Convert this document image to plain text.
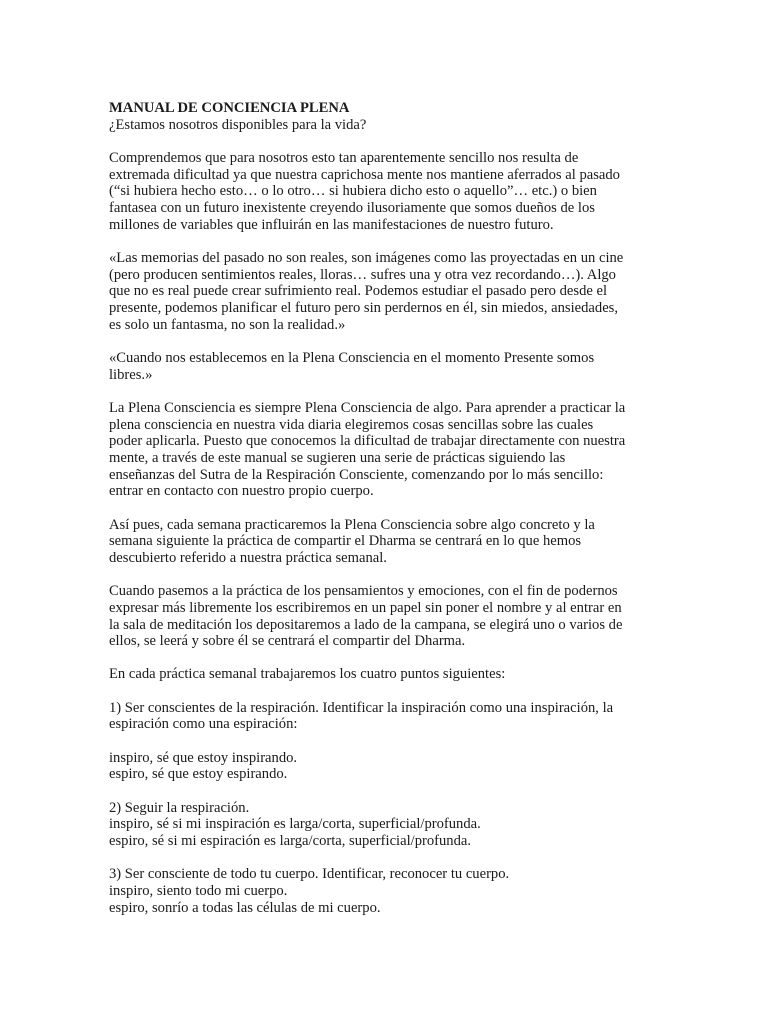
MANUAL DE CONCIENCIA PLENA
¿Estamos nosotros disponibles para la vida?
Comprendemos que para nosotros esto tan aparentemente sencillo nos resulta de
extremada dificultad ya que nuestra caprichosa mente nos mantiene aferrados al pasado
(“si hubiera hecho esto… o lo otro… si hubiera dicho esto o aquello”… etc.) o bien
fantasea con un futuro inexistente creyendo ilusoriamente que somos dueños de los
millones de variables que influirán en las manifestaciones de nuestro futuro.
«Las memorias del pasado no son reales, son imágenes como las proyectadas en un cine
(pero producen sentimientos reales, lloras… sufres una y otra vez recordando…). Algo
que no es real puede crear sufrimiento real. Podemos estudiar el pasado pero desde el
presente, podemos planificar el futuro pero sin perdernos en él, sin miedos, ansiedades,
es solo un fantasma, no son la realidad.»
«Cuando nos establecemos en la Plena Consciencia en el momento Presente somos
libres.»
La Plena Consciencia es siempre Plena Consciencia de algo. Para aprender a practicar la
plena consciencia en nuestra vida diaria elegiremos cosas sencillas sobre las cuales
poder aplicarla. Puesto que conocemos la dificultad de trabajar directamente con nuestra
mente, a través de este manual se sugieren una serie de prácticas siguiendo las
enseñanzas del Sutra de la Respiración Consciente, comenzando por lo más sencillo:
entrar en contacto con nuestro propio cuerpo.
Así pues, cada semana practicaremos la Plena Consciencia sobre algo concreto y la
semana siguiente la práctica de compartir el Dharma se centrará en lo que hemos
descubierto referido a nuestra práctica semanal.
Cuando pasemos a la práctica de los pensamientos y emociones, con el fin de podernos
expresar más libremente los escribiremos en un papel sin poner el nombre y al entrar en
la sala de meditación los depositaremos a lado de la campana, se elegirá uno o varios de
ellos, se leerá y sobre él se centrará el compartir del Dharma.
En cada práctica semanal trabajaremos los cuatro puntos siguientes:
1) Ser conscientes de la respiración. Identificar la inspiración como una inspiración, la
espiración como una espiración:
inspiro, sé que estoy inspirando.
espiro, sé que estoy espirando.
2) Seguir la respiración.
inspiro, sé si mi inspiración es larga/corta, superficial/profunda.
espiro, sé si mi espiración es larga/corta, superficial/profunda.
3) Ser consciente de todo tu cuerpo. Identificar, reconocer tu cuerpo.
inspiro, siento todo mi cuerpo.
espiro, sonrío a todas las células de mi cuerpo.
